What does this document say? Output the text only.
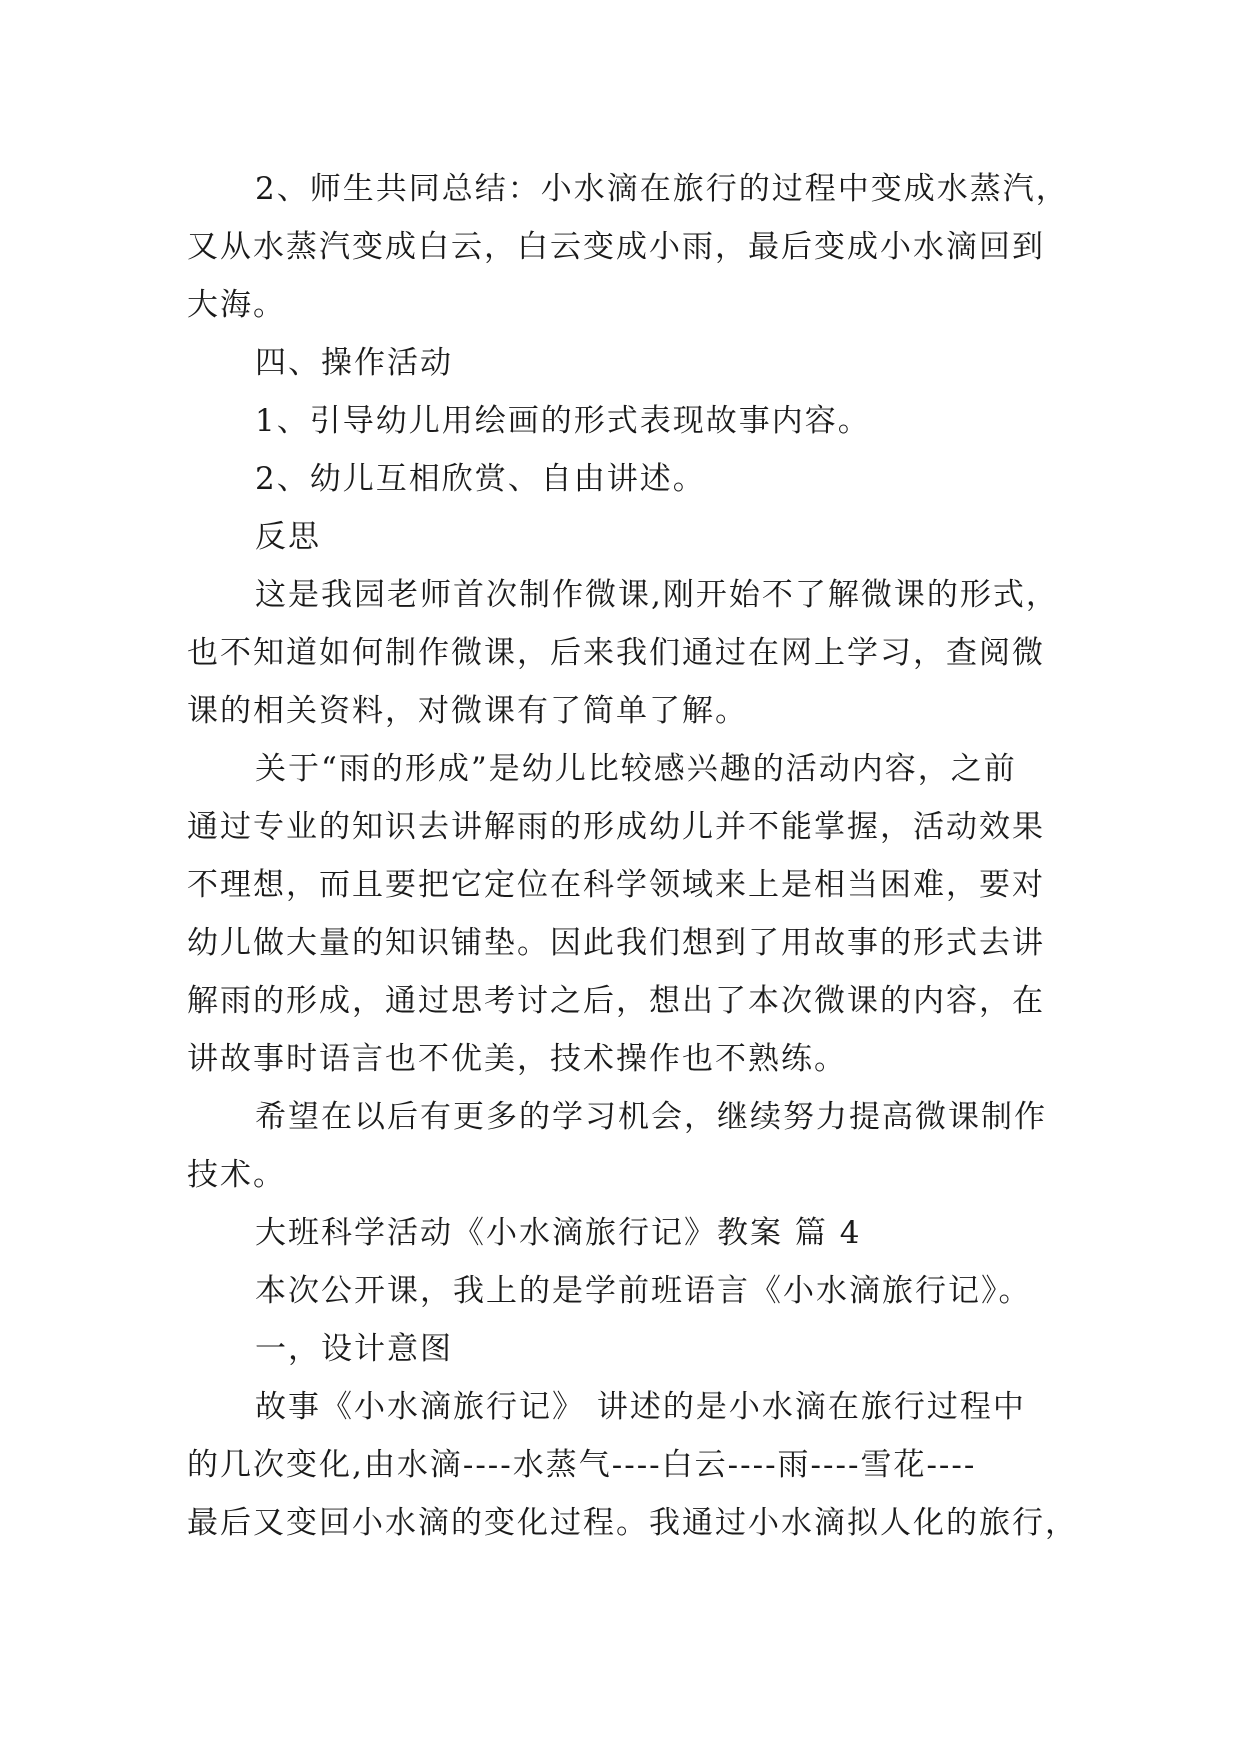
2、师生共同总结：小水滴在旅行的过程中变成水蒸汽，
又从水蒸汽变成白云，白云变成小雨，最后变成小水滴回到
大海。
四、操作活动
1、引导幼儿用绘画的形式表现故事内容。
2、幼儿互相欣赏、自由讲述。
反思
这是我园老师首次制作微课,刚开始不了解微课的形式，
也不知道如何制作微课，后来我们通过在网上学习，查阅微
课的相关资料，对微课有了简单了解。
关于“雨的形成”是幼儿比较感兴趣的活动内容，之前
通过专业的知识去讲解雨的形成幼儿并不能掌握，活动效果
不理想，而且要把它定位在科学领域来上是相当困难，要对
幼儿做大量的知识铺垫。因此我们想到了用故事的形式去讲
解雨的形成，通过思考讨之后，想出了本次微课的内容，在
讲故事时语言也不优美，技术操作也不熟练。
希望在以后有更多的学习机会，继续努力提高微课制作
技术。
大班科学活动《小水滴旅行记》教案 篇 4
本次公开课，我上的是学前班语言《小水滴旅行记》。
一，设计意图
故事《小水滴旅行记》 讲述的是小水滴在旅行过程中
的几次变化,由水滴----水蒸气----白云----雨----雪花----
最后又变回小水滴的变化过程。我通过小水滴拟人化的旅行，
